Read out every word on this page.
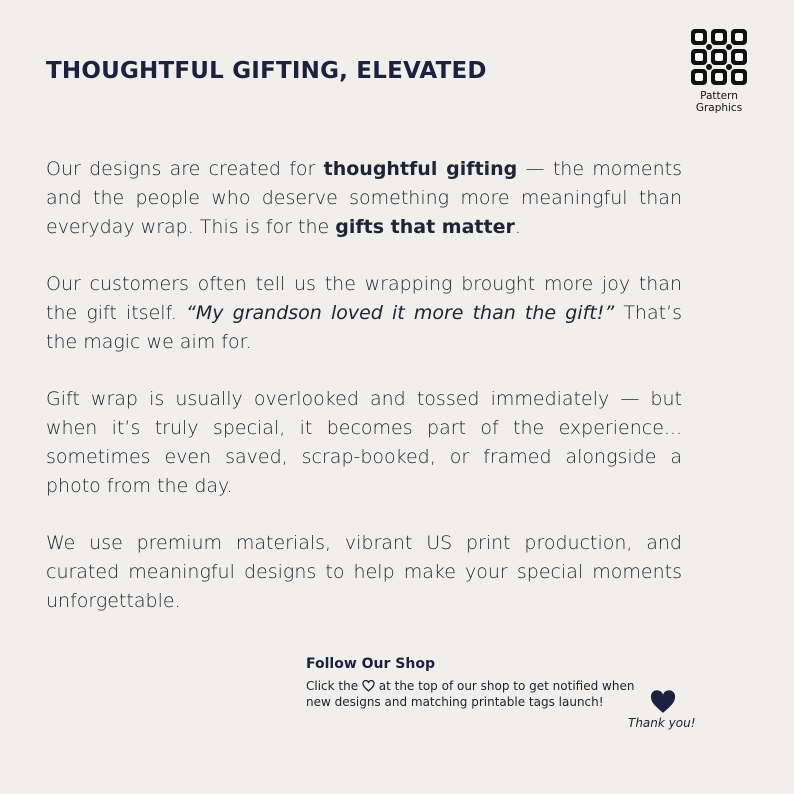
THOUGHTFUL GIFTING, ELEVATED
Pattern
Graphics

Our designs are created for thoughtful gifting — the moments and the people who deserve something more meaningful than everyday wrap. This is for the gifts that matter.

Our customers often tell us the wrapping brought more joy than the gift itself. “My grandson loved it more than the gift!” That’s the magic we aim for.

Gift wrap is usually overlooked and tossed immediately — but when it’s truly special, it becomes part of the experience... sometimes even saved, scrap-booked, or framed alongside a photo from the day.

We use premium materials, vibrant US print production, and curated meaningful designs to help make your special moments unforgettable.

Follow Our Shop
Click the  at the top of our shop to get notified when new designs and matching printable tags launch!
Thank you!
